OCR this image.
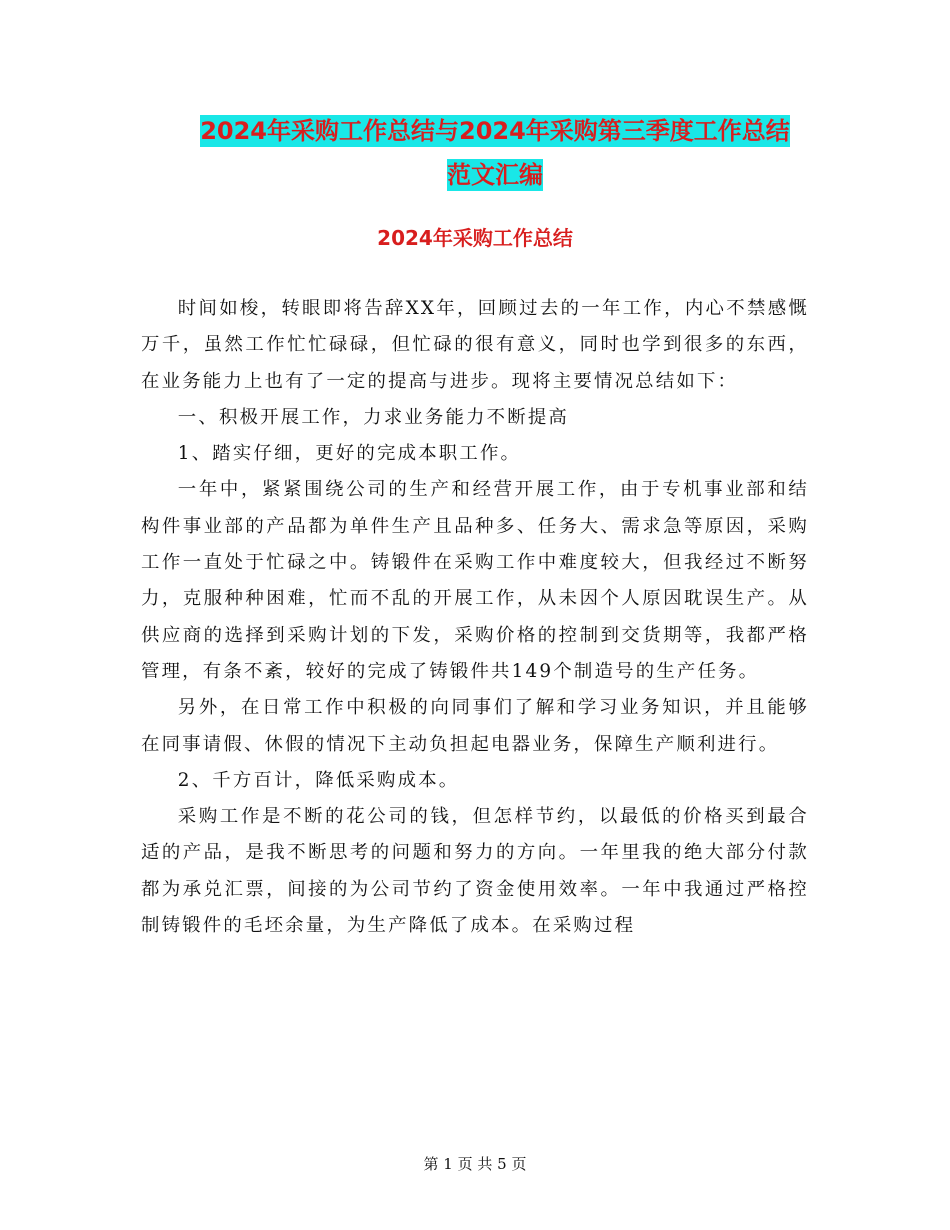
2024年采购工作总结与2024年采购第三季度工作总结
范文汇编
2024年采购工作总结

时间如梭，转眼即将告辞XX年，回顾过去的一年工作，内心不禁感慨万千，虽然工作忙忙碌碌，但忙碌的很有意义，同时也学到很多的东西，在业务能力上也有了一定的提高与进步。现将主要情况总结如下：

一、积极开展工作，力求业务能力不断提高

1、踏实仔细，更好的完成本职工作。

一年中，紧紧围绕公司的生产和经营开展工作，由于专机事业部和结构件事业部的产品都为单件生产且品种多、任务大、需求急等原因，采购工作一直处于忙碌之中。铸锻件在采购工作中难度较大，但我经过不断努力，克服种种困难，忙而不乱的开展工作，从未因个人原因耽误生产。从供应商的选择到采购计划的下发，采购价格的控制到交货期等，我都严格管理，有条不紊，较好的完成了铸锻件共149个制造号的生产任务。

另外，在日常工作中积极的向同事们了解和学习业务知识，并且能够在同事请假、休假的情况下主动负担起电器业务，保障生产顺利进行。

2、千方百计，降低采购成本。

采购工作是不断的花公司的钱，但怎样节约，以最低的价格买到最合适的产品，是我不断思考的问题和努力的方向。一年里我的绝大部分付款都为承兑汇票，间接的为公司节约了资金使用效率。一年中我通过严格控制铸锻件的毛坯余量，为生产降低了成本。在采购过程

第 1 页 共 5 页
